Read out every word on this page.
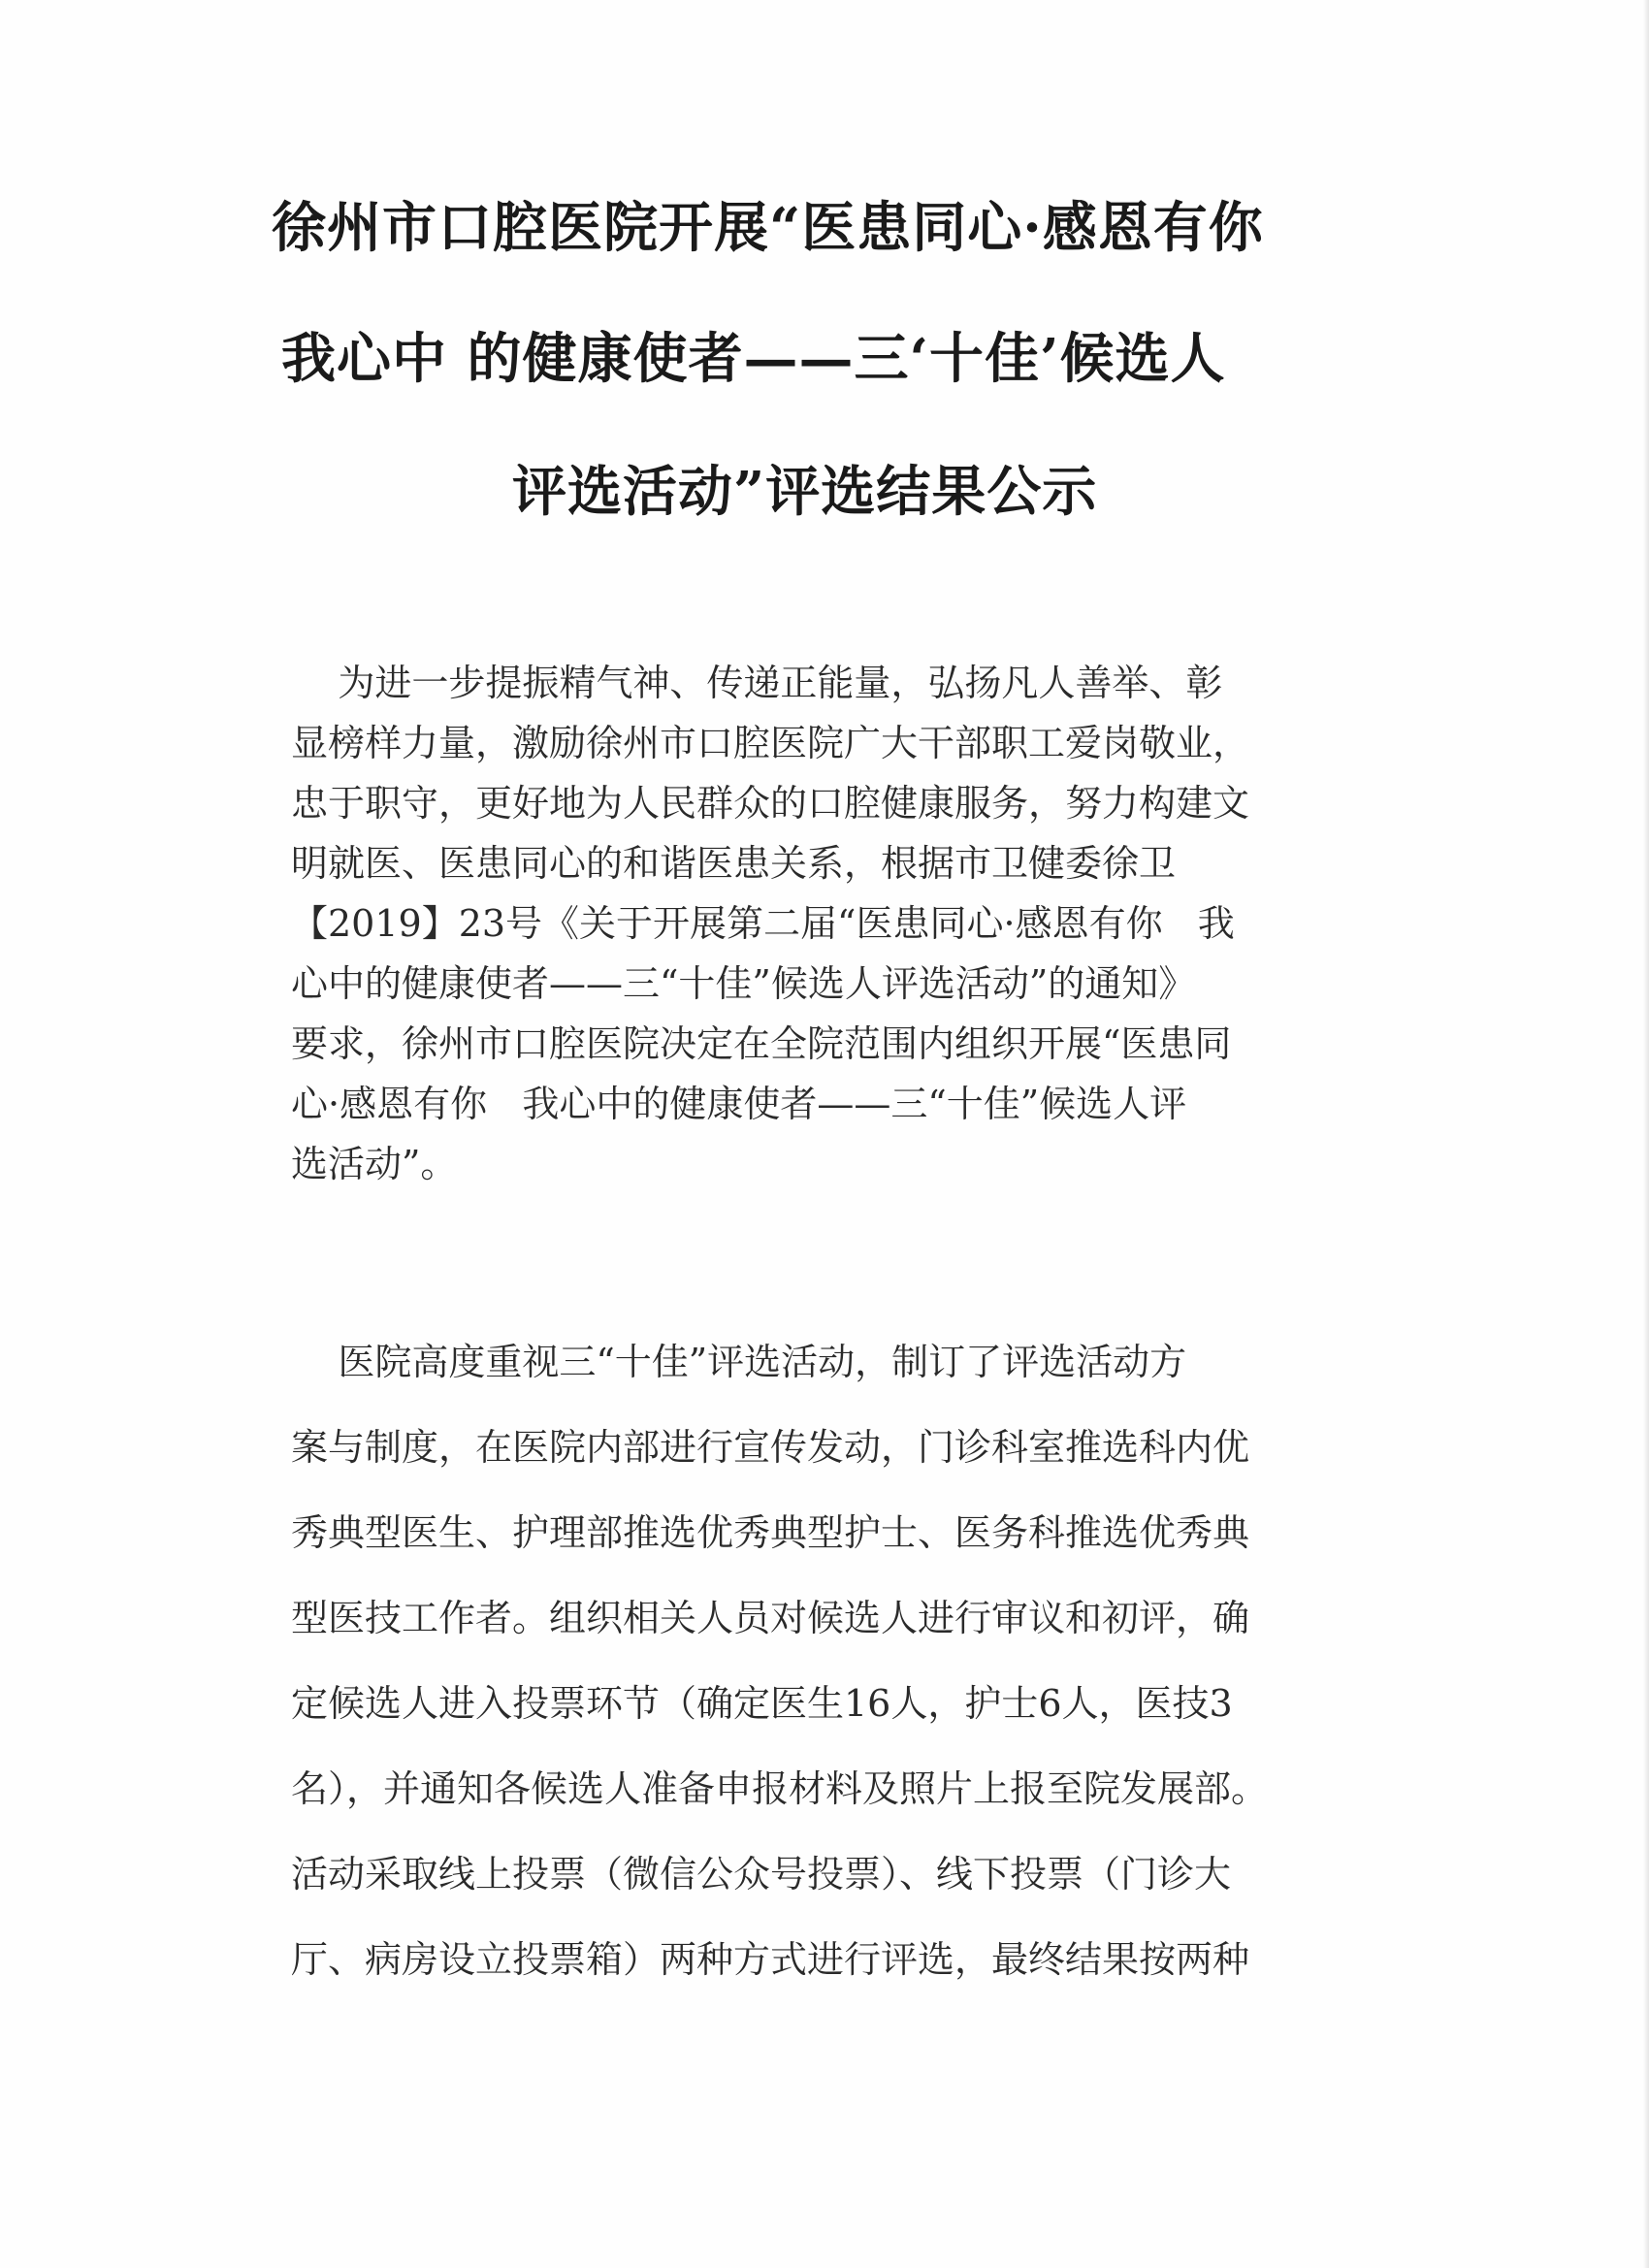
徐州市口腔医院开展“医患同心·感恩有你
我心中 的健康使者——三‘十佳’候选人
评选活动”评选结果公示
为进一步提振精气神、传递正能量，弘扬凡人善举、彰
显榜样力量，激励徐州市口腔医院广大干部职工爱岗敬业，
忠于职守，更好地为人民群众的口腔健康服务，努力构建文
明就医、医患同心的和谐医患关系，根据市卫健委徐卫
【2019】23号《关于开展第二届“医患同心·感恩有你   我
心中的健康使者——三“十佳”候选人评选活动”的通知》
要求，徐州市口腔医院决定在全院范围内组织开展“医患同
心·感恩有你   我心中的健康使者——三“十佳”候选人评
选活动”。
医院高度重视三“十佳”评选活动，制订了评选活动方
案与制度，在医院内部进行宣传发动，门诊科室推选科内优
秀典型医生、护理部推选优秀典型护士、医务科推选优秀典
型医技工作者。组织相关人员对候选人进行审议和初评，确
定候选人进入投票环节（确定医生16人，护士6人，医技3
名），并通知各候选人准备申报材料及照片上报至院发展部。
活动采取线上投票（微信公众号投票）、线下投票（门诊大
厅、病房设立投票箱）两种方式进行评选，最终结果按两种
